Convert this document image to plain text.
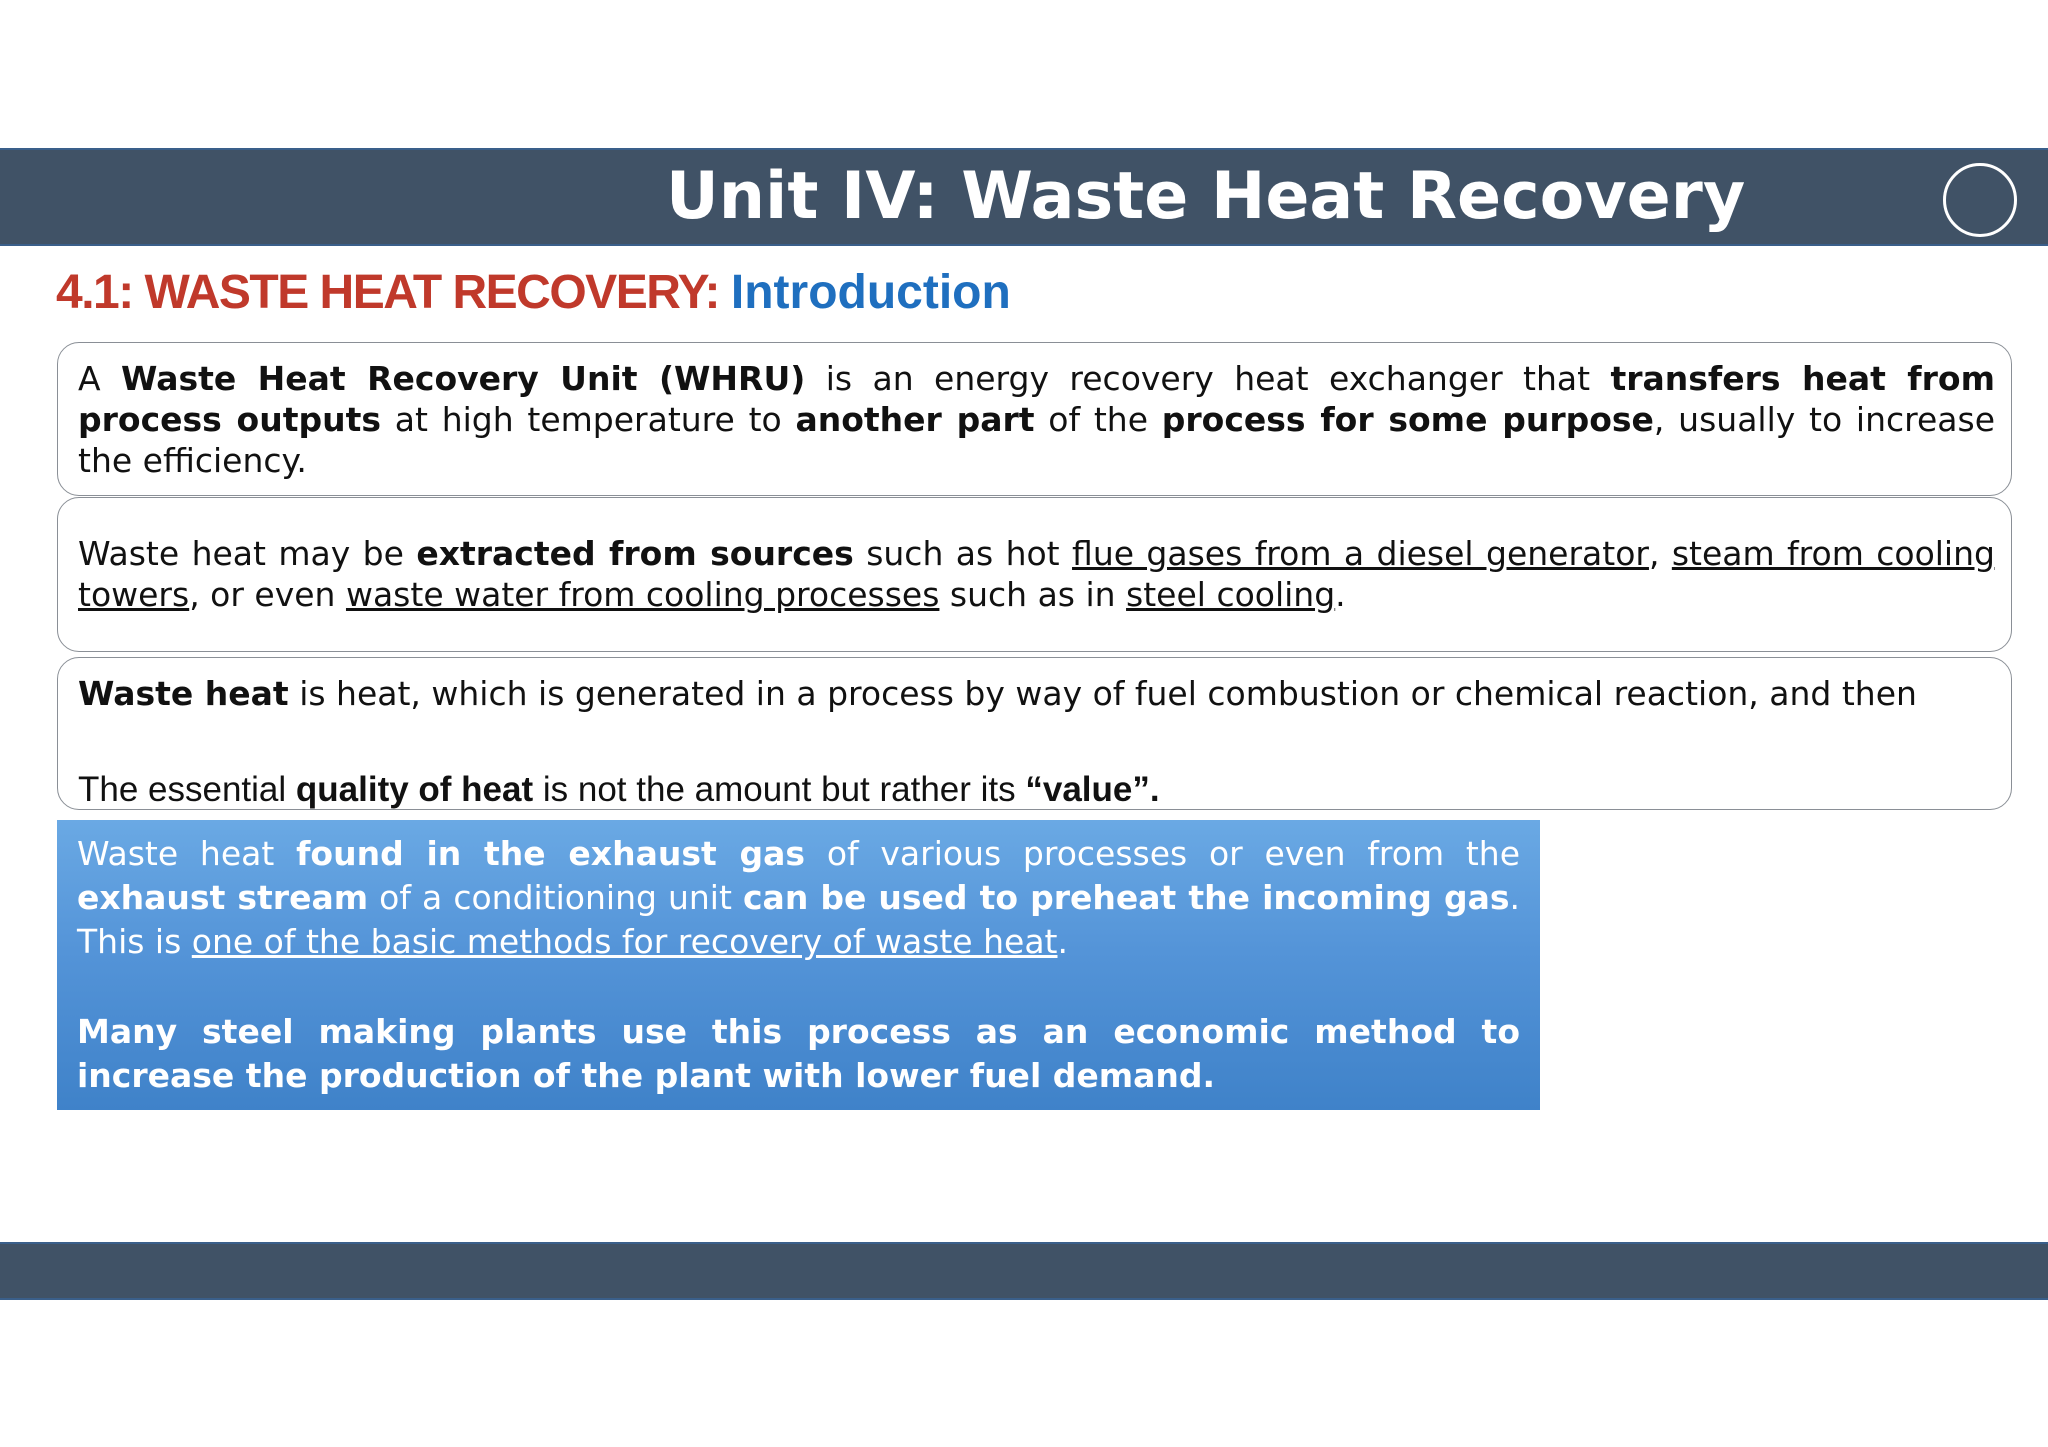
Unit IV: Waste Heat Recovery
4.1: WASTE HEAT RECOVERY: Introduction

A Waste Heat Recovery Unit (WHRU) is an energy recovery heat exchanger that transfers heat from process outputs at high temperature to another part of the process for some purpose, usually to increase the efficiency.

Waste heat may be extracted from sources such as hot flue gases from a diesel generator, steam from cooling towers, or even waste water from cooling processes such as in steel cooling.

Waste heat is heat, which is generated in a process by way of fuel combustion or chemical reaction, and then

The essential quality of heat is not the amount but rather its “value”.

Waste heat found in the exhaust gas of various processes or even from the exhaust stream of a conditioning unit can be used to preheat the incoming gas. This is one of the basic methods for recovery of waste heat.

Many steel making plants use this process as an economic method to increase the production of the plant with lower fuel demand.
